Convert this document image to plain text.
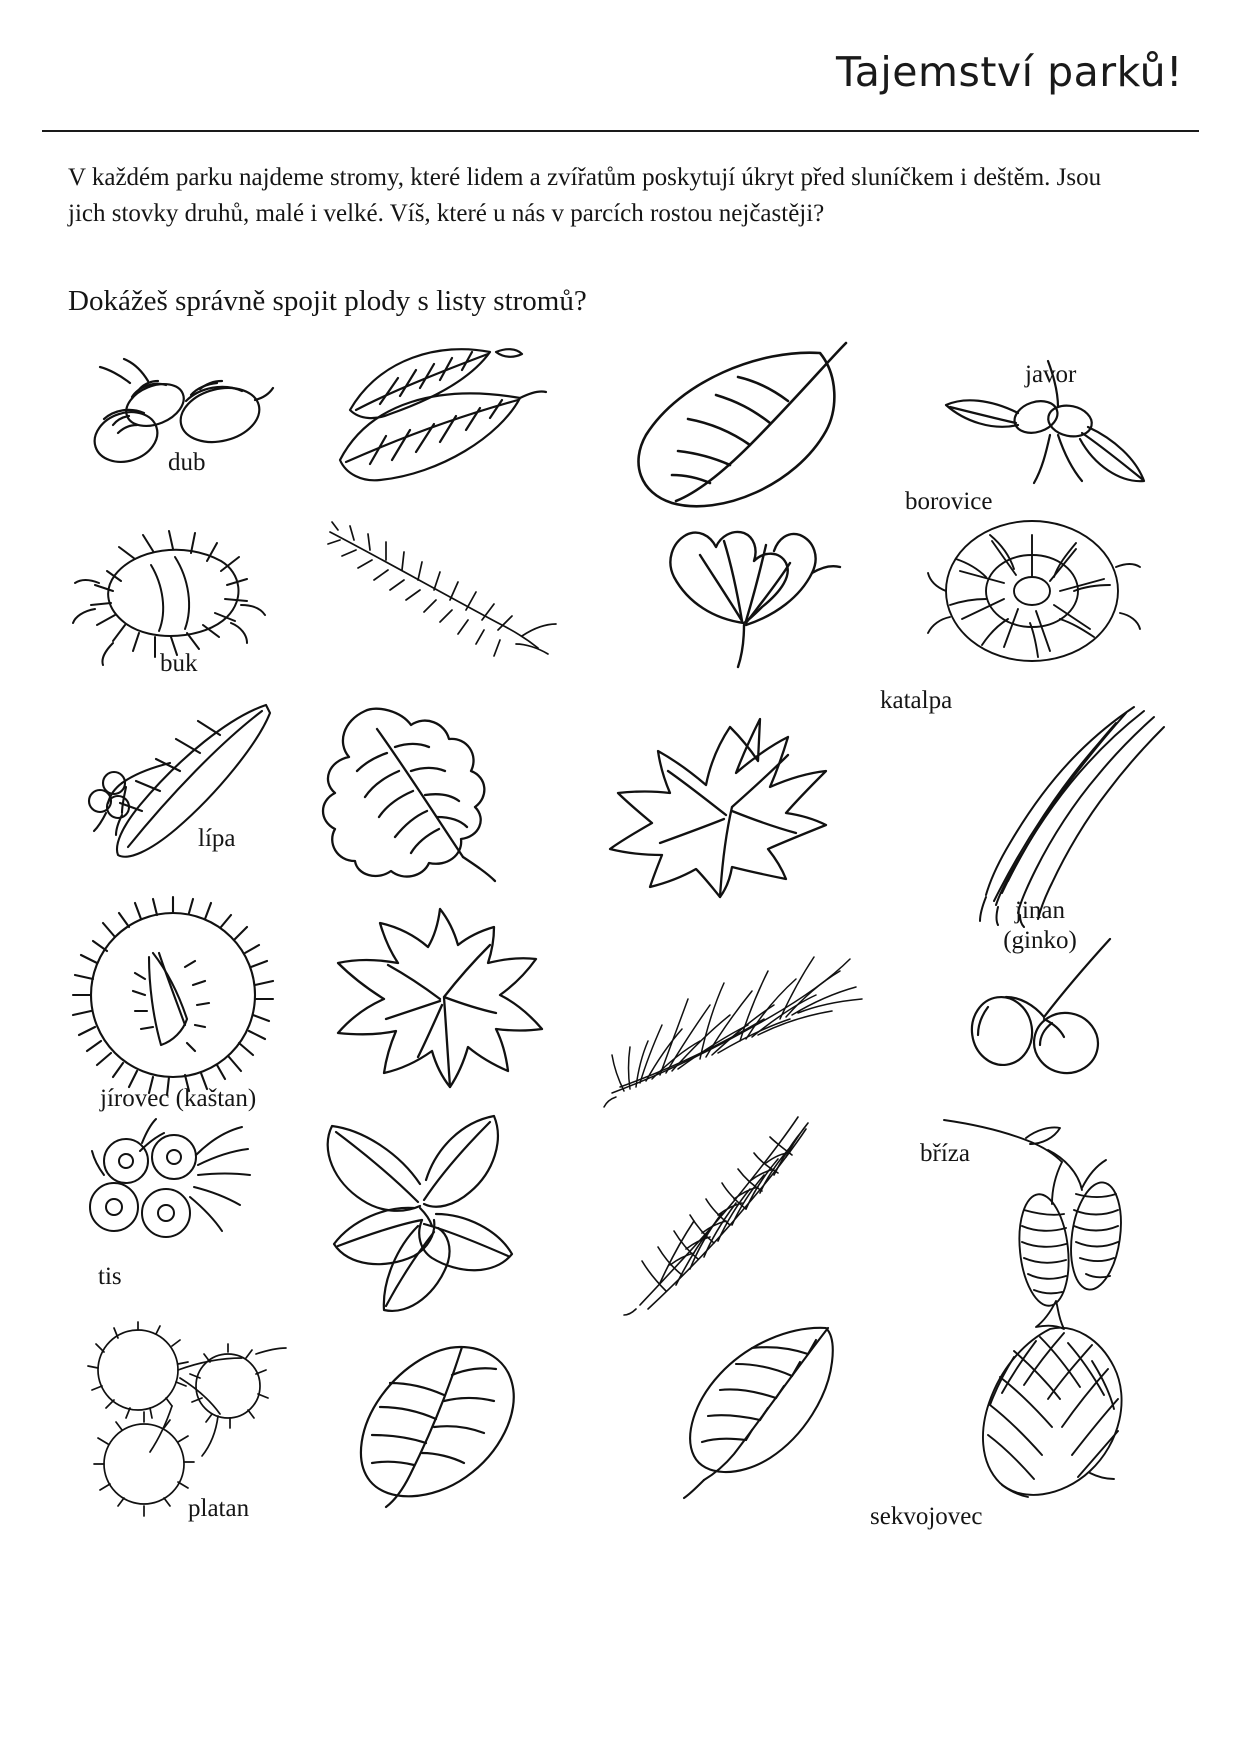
Tajemství parků!
V každém parku najdeme stromy, které lidem a zvířatům poskytují úkryt před sluníčkem i deštěm. Jsou jich stovky druhů, malé i velké. Víš, které u nás v parcích rostou nejčastěji?
Dokážeš správně spojit plody s listy stromů?
dub
javor
borovice
buk
lípa
katalpa
jírovec (kaštan)
jinan
(ginko)
tis
bříza
platan	sekvojovec
